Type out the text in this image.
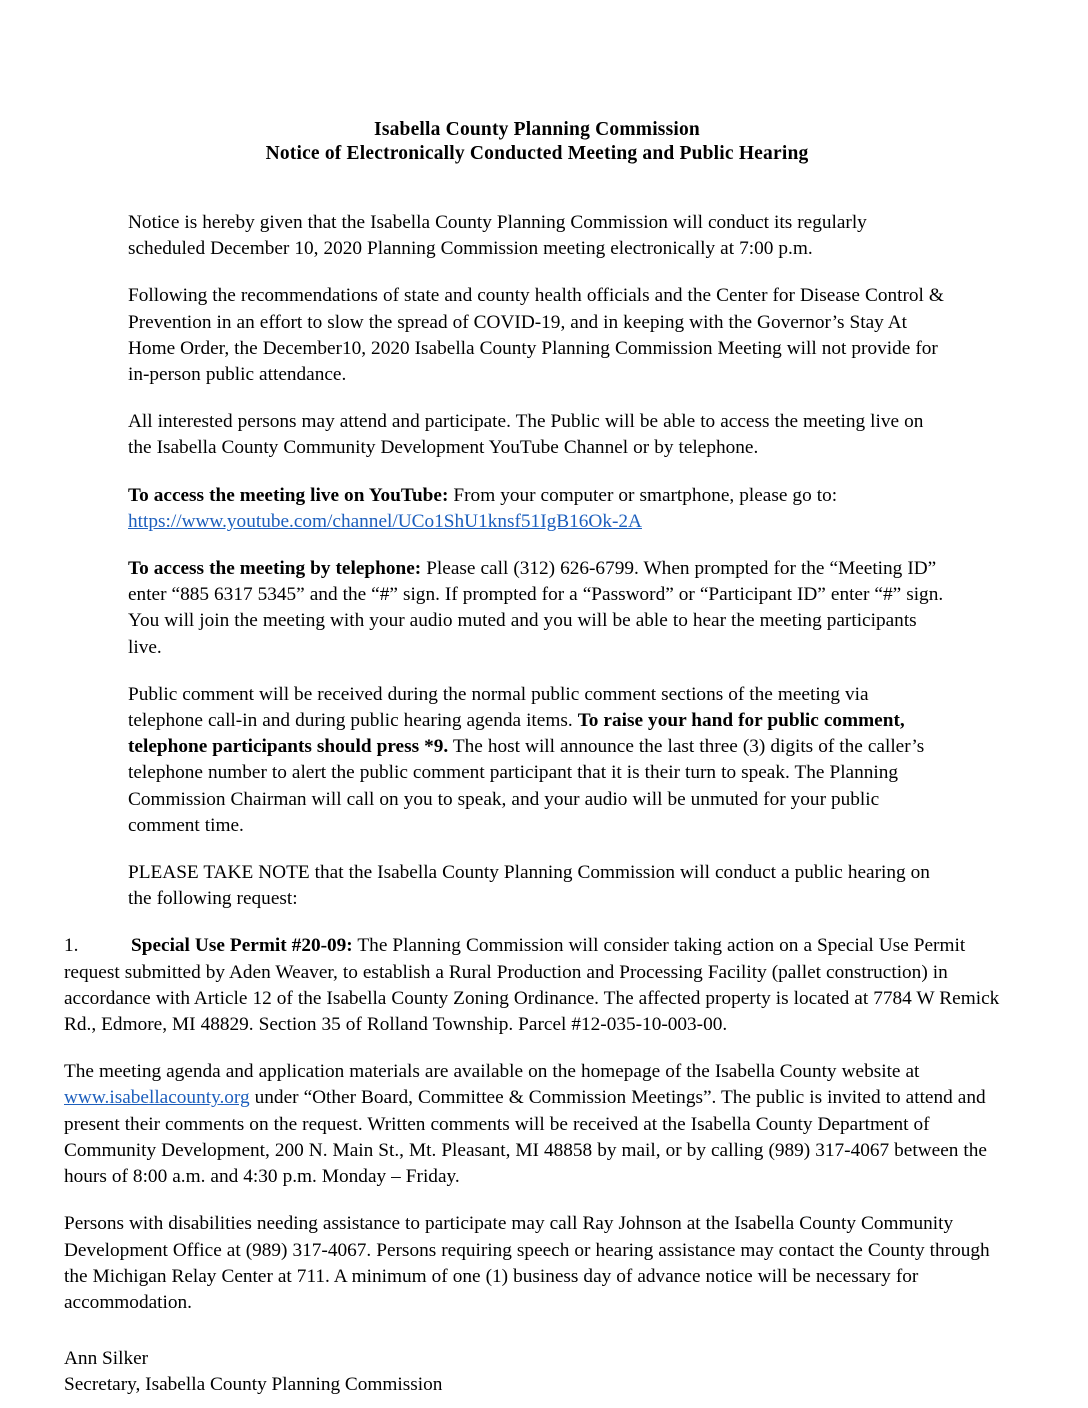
Isabella County Planning Commission
Notice of Electronically Conducted Meeting and Public Hearing

Notice is hereby given that the Isabella County Planning Commission will conduct its regularly scheduled December 10, 2020 Planning Commission meeting electronically at 7:00 p.m.

Following the recommendations of state and county health officials and the Center for Disease Control & Prevention in an effort to slow the spread of COVID-19, and in keeping with the Governor’s Stay At Home Order, the December10, 2020 Isabella County Planning Commission Meeting will not provide for in-person public attendance.

All interested persons may attend and participate. The Public will be able to access the meeting live on the Isabella County Community Development YouTube Channel or by telephone.

To access the meeting live on YouTube: From your computer or smartphone, please go to:
https://www.youtube.com/channel/UCo1ShU1knsf51IgB16Ok-2A

To access the meeting by telephone: Please call (312) 626-6799. When prompted for the “Meeting ID” enter “885 6317 5345” and the “#” sign. If prompted for a “Password” or “Participant ID” enter “#” sign. You will join the meeting with your audio muted and you will be able to hear the meeting participants live.

Public comment will be received during the normal public comment sections of the meeting via telephone call-in and during public hearing agenda items. To raise your hand for public comment, telephone participants should press *9. The host will announce the last three (3) digits of the caller’s telephone number to alert the public comment participant that it is their turn to speak. The Planning Commission Chairman will call on you to speak, and your audio will be unmuted for your public comment time.

PLEASE TAKE NOTE that the Isabella County Planning Commission will conduct a public hearing on the following request:

1.	Special Use Permit #20-09: The Planning Commission will consider taking action on a Special Use Permit request submitted by Aden Weaver, to establish a Rural Production and Processing Facility (pallet construction) in accordance with Article 12 of the Isabella County Zoning Ordinance. The affected property is located at 7784 W Remick Rd., Edmore, MI 48829. Section 35 of Rolland Township. Parcel #12-035-10-003-00.

The meeting agenda and application materials are available on the homepage of the Isabella County website at www.isabellacounty.org under “Other Board, Committee & Commission Meetings”. The public is invited to attend and present their comments on the request. Written comments will be received at the Isabella County Department of Community Development, 200 N. Main St., Mt. Pleasant, MI 48858 by mail, or by calling (989) 317-4067 between the hours of 8:00 a.m. and 4:30 p.m. Monday – Friday.

Persons with disabilities needing assistance to participate may call Ray Johnson at the Isabella County Community Development Office at (989) 317-4067. Persons requiring speech or hearing assistance may contact the County through the Michigan Relay Center at 711. A minimum of one (1) business day of advance notice will be necessary for accommodation.

Ann Silker
Secretary, Isabella County Planning Commission
